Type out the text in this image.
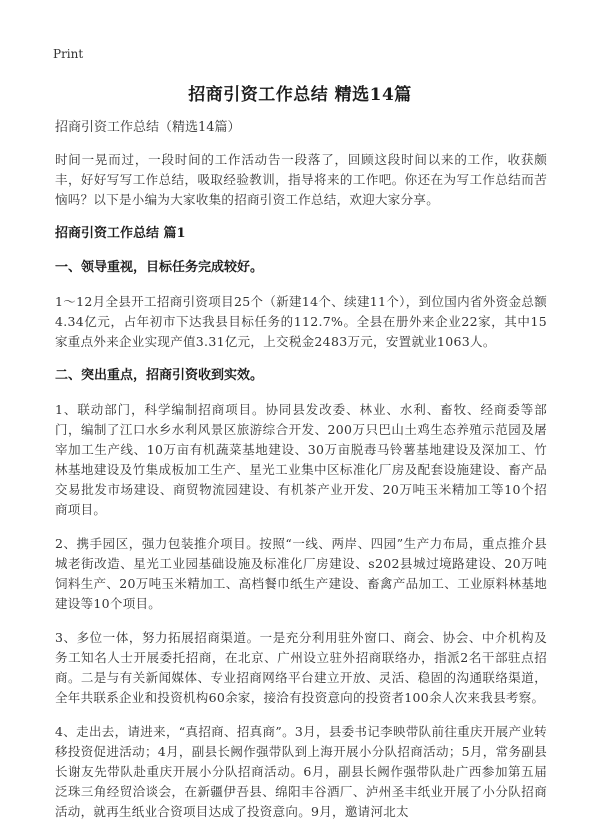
Print
招商引资工作总结 精选14篇

招商引资工作总结（精选14篇）

时间一晃而过，一段时间的工作活动告一段落了，回顾这段时间以来的工作，收获颇丰，好好写写工作总结，吸取经验教训，指导将来的工作吧。你还在为写工作总结而苦恼吗？以下是小编为大家收集的招商引资工作总结，欢迎大家分享。

招商引资工作总结 篇1

一、领导重视，目标任务完成较好。

1～12月全县开工招商引资项目25个（新建14个、续建11个），到位国内省外资金总额4.34亿元，占年初市下达我县目标任务的112.7%。全县在册外来企业22家，其中15家重点外来企业实现产值3.31亿元，上交税金2483万元，安置就业1063人。

二、突出重点，招商引资收到实效。

1、联动部门，科学编制招商项目。协同县发改委、林业、水利、畜牧、经商委等部门，编制了江口水乡水利风景区旅游综合开发、200万只巴山土鸡生态养殖示范园及屠宰加工生产线、10万亩有机蔬菜基地建设、30万亩脱毒马铃薯基地建设及深加工、竹林基地建设及竹集成板加工生产、星光工业集中区标准化厂房及配套设施建设、畜产品交易批发市场建设、商贸物流园建设、有机茶产业开发、20万吨玉米精加工等10个招商项目。

2、携手园区，强力包装推介项目。按照“一线、两岸、四园”生产力布局，重点推介县城老街改造、星光工业园基础设施及标准化厂房建设、s202县城过境路建设、20万吨饲料生产、20万吨玉米精加工、高档餐巾纸生产建设、畜禽产品加工、工业原料林基地建设等10个项目。

3、多位一体，努力拓展招商渠道。一是充分利用驻外窗口、商会、协会、中介机构及务工知名人士开展委托招商，在北京、广州设立驻外招商联络办，指派2名干部驻点招商。二是与有关新闻媒体、专业招商网络平台建立开放、灵活、稳固的沟通联络渠道，全年共联系企业和投资机构60余家，接洽有投资意向的投资者100余人次来我县考察。

4、走出去，请进来，“真招商、招真商”。3月，县委书记李映带队前往重庆开展产业转移投资促进活动；4月，副县长阙作强带队到上海开展小分队招商活动；5月，常务副县长谢友先带队赴重庆开展小分队招商活动。6月，副县长阙作强带队赴广西参加第五届泛珠三角经贸洽谈会，在新疆伊吾县、绵阳丰谷酒厂、泸州圣丰纸业开展了小分队招商活动，就再生纸业合资项目达成了投资意向。9月，邀请河北太
